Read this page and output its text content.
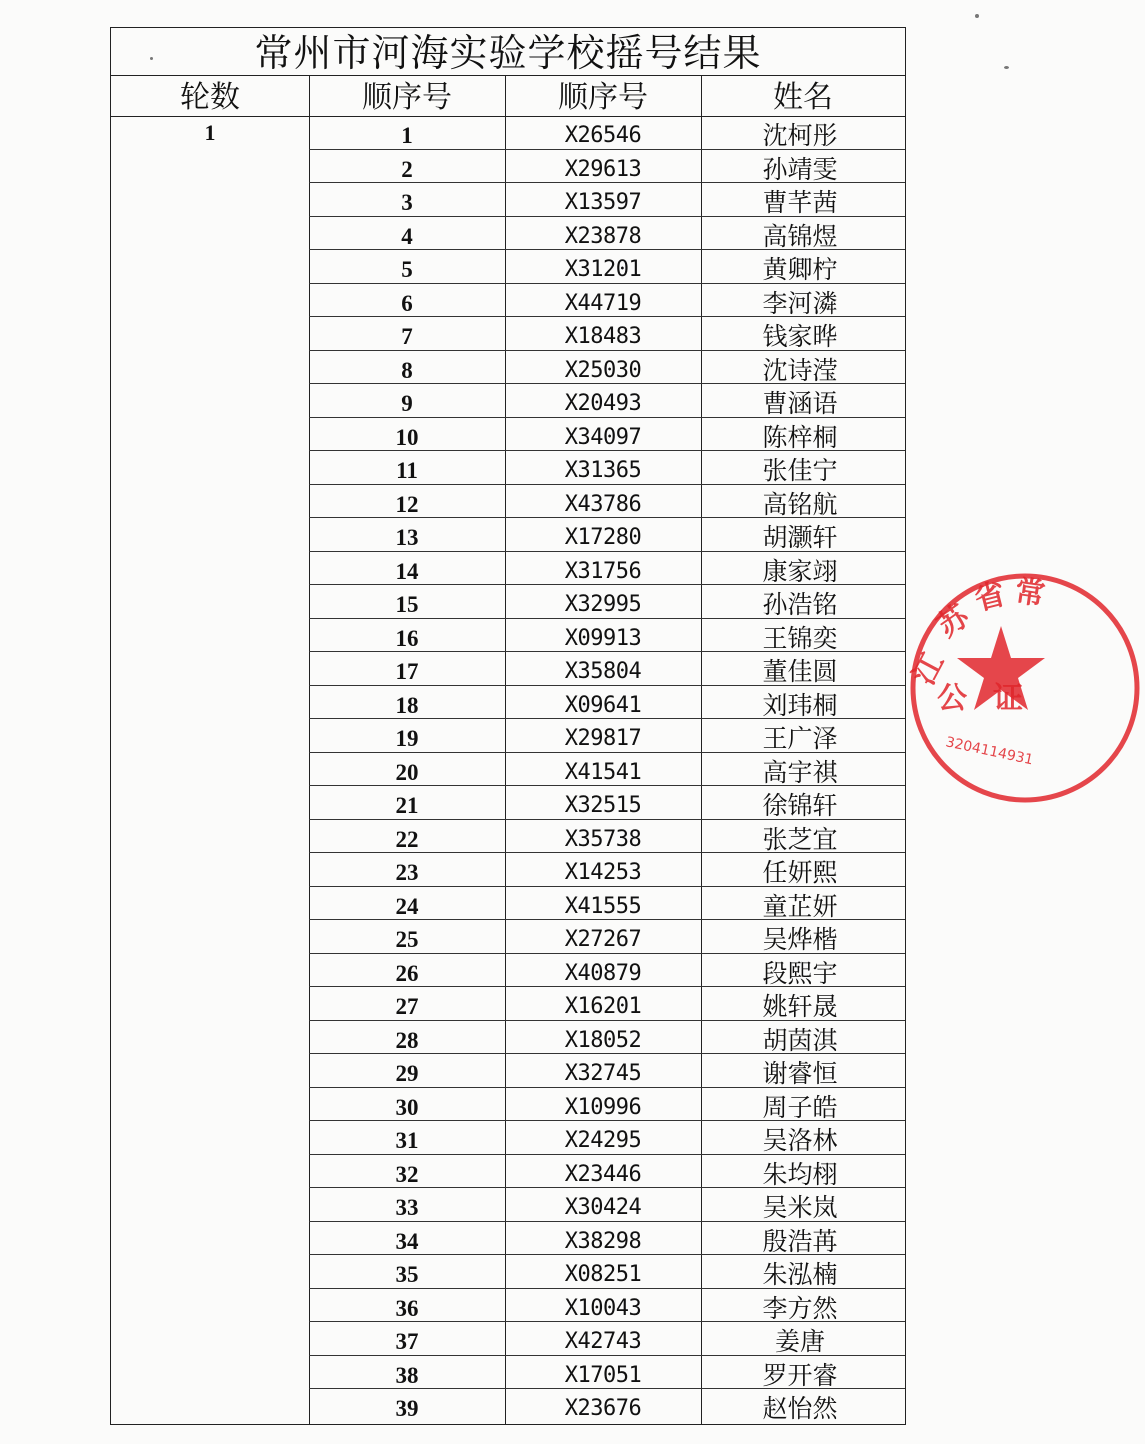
常州市河海实验学校摇号结果
轮数	顺序号	顺序号	姓名
1	1	X26546	沈柯彤
2	X29613	孙靖雯
3	X13597	曹芊茜
4	X23878	高锦煜
5	X31201	黄卿柠
6	X44719	李河潾
7	X18483	钱家晔
8	X25030	沈诗滢
9	X20493	曹涵语
10	X34097	陈梓桐
11	X31365	张佳宁
12	X43786	高铭航
13	X17280	胡灏轩
14	X31756	康家翊
15	X32995	孙浩铭
16	X09913	王锦奕
17	X35804	董佳圆
18	X09641	刘玮桐
19	X29817	王广泽
20	X41541	高宇祺
21	X32515	徐锦轩
22	X35738	张芝宜
23	X14253	任妍熙
24	X41555	童芷妍
25	X27267	吴烨楷
26	X40879	段熙宇
27	X16201	姚轩晟
28	X18052	胡茵淇
29	X32745	谢睿恒
30	X10996	周子皓
31	X24295	吴洛林
32	X23446	朱均栩
33	X30424	吴米岚
34	X38298	殷浩苒
35	X08251	朱泓楠
36	X10043	李方然
37	X42743	姜唐
38	X17051	罗开睿
39	X23676	赵怡然
江
苏
省 常
公 证
3204114931
